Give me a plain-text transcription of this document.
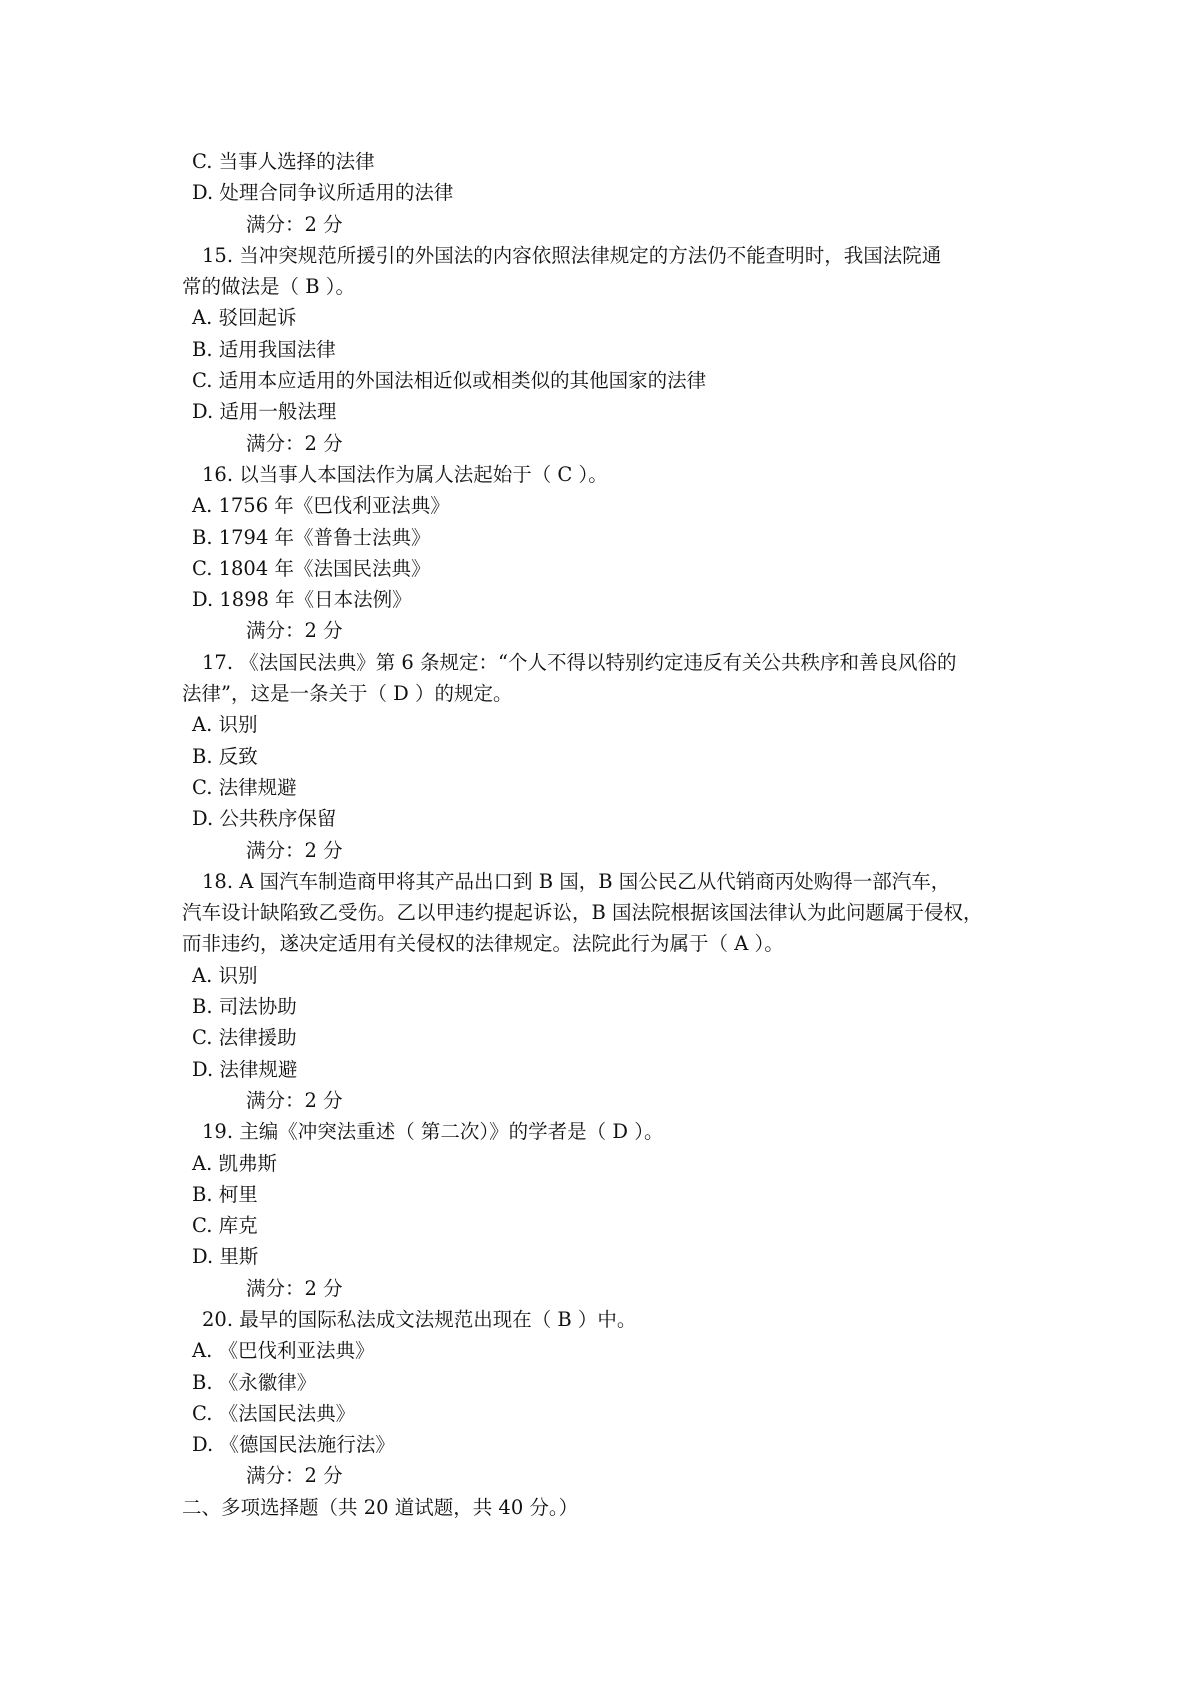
C. 当事人选择的法律
D. 处理合同争议所适用的法律
满分：2 分
15. 当冲突规范所援引的外国法的内容依照法律规定的方法仍不能查明时，我国法院通
常的做法是（ B ）。
A. 驳回起诉
B. 适用我国法律
C. 适用本应适用的外国法相近似或相类似的其他国家的法律
D. 适用一般法理
满分：2 分
16. 以当事人本国法作为属人法起始于（ C ）。
A. 1756 年《巴伐利亚法典》
B. 1794 年《普鲁士法典》
C. 1804 年《法国民法典》
D. 1898 年《日本法例》
满分：2 分
17. 《法国民法典》第 6 条规定：“个人不得以特别约定违反有关公共秩序和善良风俗的
法律”，这是一条关于（ D ）的规定。
A. 识别
B. 反致
C. 法律规避
D. 公共秩序保留
满分：2 分
18. A 国汽车制造商甲将其产品出口到 B 国，B 国公民乙从代销商丙处购得一部汽车，
汽车设计缺陷致乙受伤。乙以甲违约提起诉讼，B 国法院根据该国法律认为此问题属于侵权，
而非违约，遂决定适用有关侵权的法律规定。法院此行为属于（ A ）。
A. 识别
B. 司法协助
C. 法律援助
D. 法律规避
满分：2 分
19. 主编《冲突法重述（ 第二次）》的学者是（ D ）。
A. 凯弗斯
B. 柯里
C. 库克
D. 里斯
满分：2 分
20. 最早的国际私法成文法规范出现在（ B ）中。
A. 《巴伐利亚法典》
B. 《永徽律》
C. 《法国民法典》
D. 《德国民法施行法》
满分：2 分
二、多项选择题（共 20 道试题，共 40 分。）
